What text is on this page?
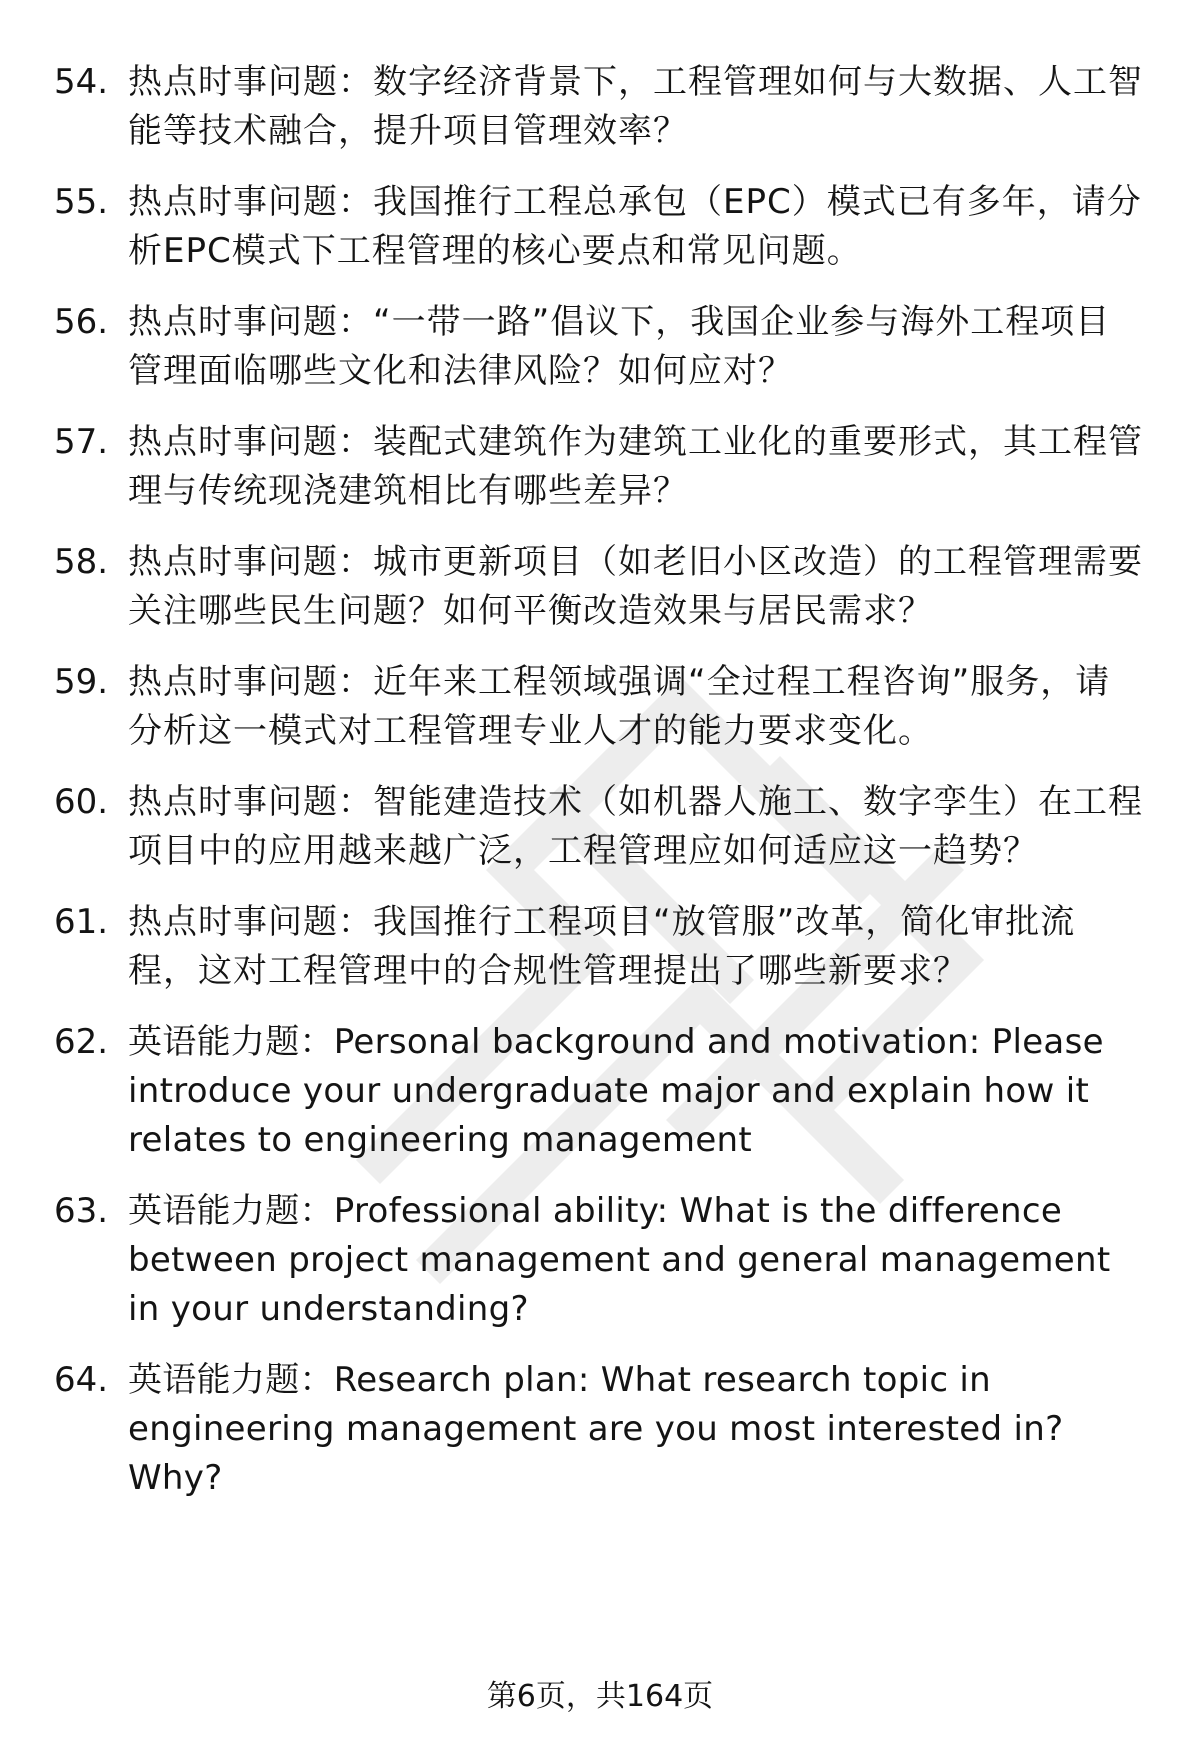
54. 热点时事问题：数字经济背景下，工程管理如何与大数据、人工智能等技术融合，提升项目管理效率？
55. 热点时事问题：我国推行工程总承包（EPC）模式已有多年，请分析EPC模式下工程管理的核心要点和常见问题。
56. 热点时事问题：“一带一路”倡议下，我国企业参与海外工程项目管理面临哪些文化和法律风险？如何应对？
57. 热点时事问题：装配式建筑作为建筑工业化的重要形式，其工程管理与传统现浇建筑相比有哪些差异？
58. 热点时事问题：城市更新项目（如老旧小区改造）的工程管理需要关注哪些民生问题？如何平衡改造效果与居民需求？
59. 热点时事问题：近年来工程领域强调“全过程工程咨询”服务，请分析这一模式对工程管理专业人才的能力要求变化。
60. 热点时事问题：智能建造技术（如机器人施工、数字孪生）在工程项目中的应用越来越广泛，工程管理应如何适应这一趋势？
61. 热点时事问题：我国推行工程项目“放管服”改革，简化审批流程，这对工程管理中的合规性管理提出了哪些新要求？
62. 英语能力题：Personal background and motivation: Please introduce your undergraduate major and explain how it relates to engineering management
63. 英语能力题：Professional ability: What is the difference between project management and general management in your understanding?
64. 英语能力题：Research plan: What research topic in engineering management are you most interested in? Why?
第6页，共164页
